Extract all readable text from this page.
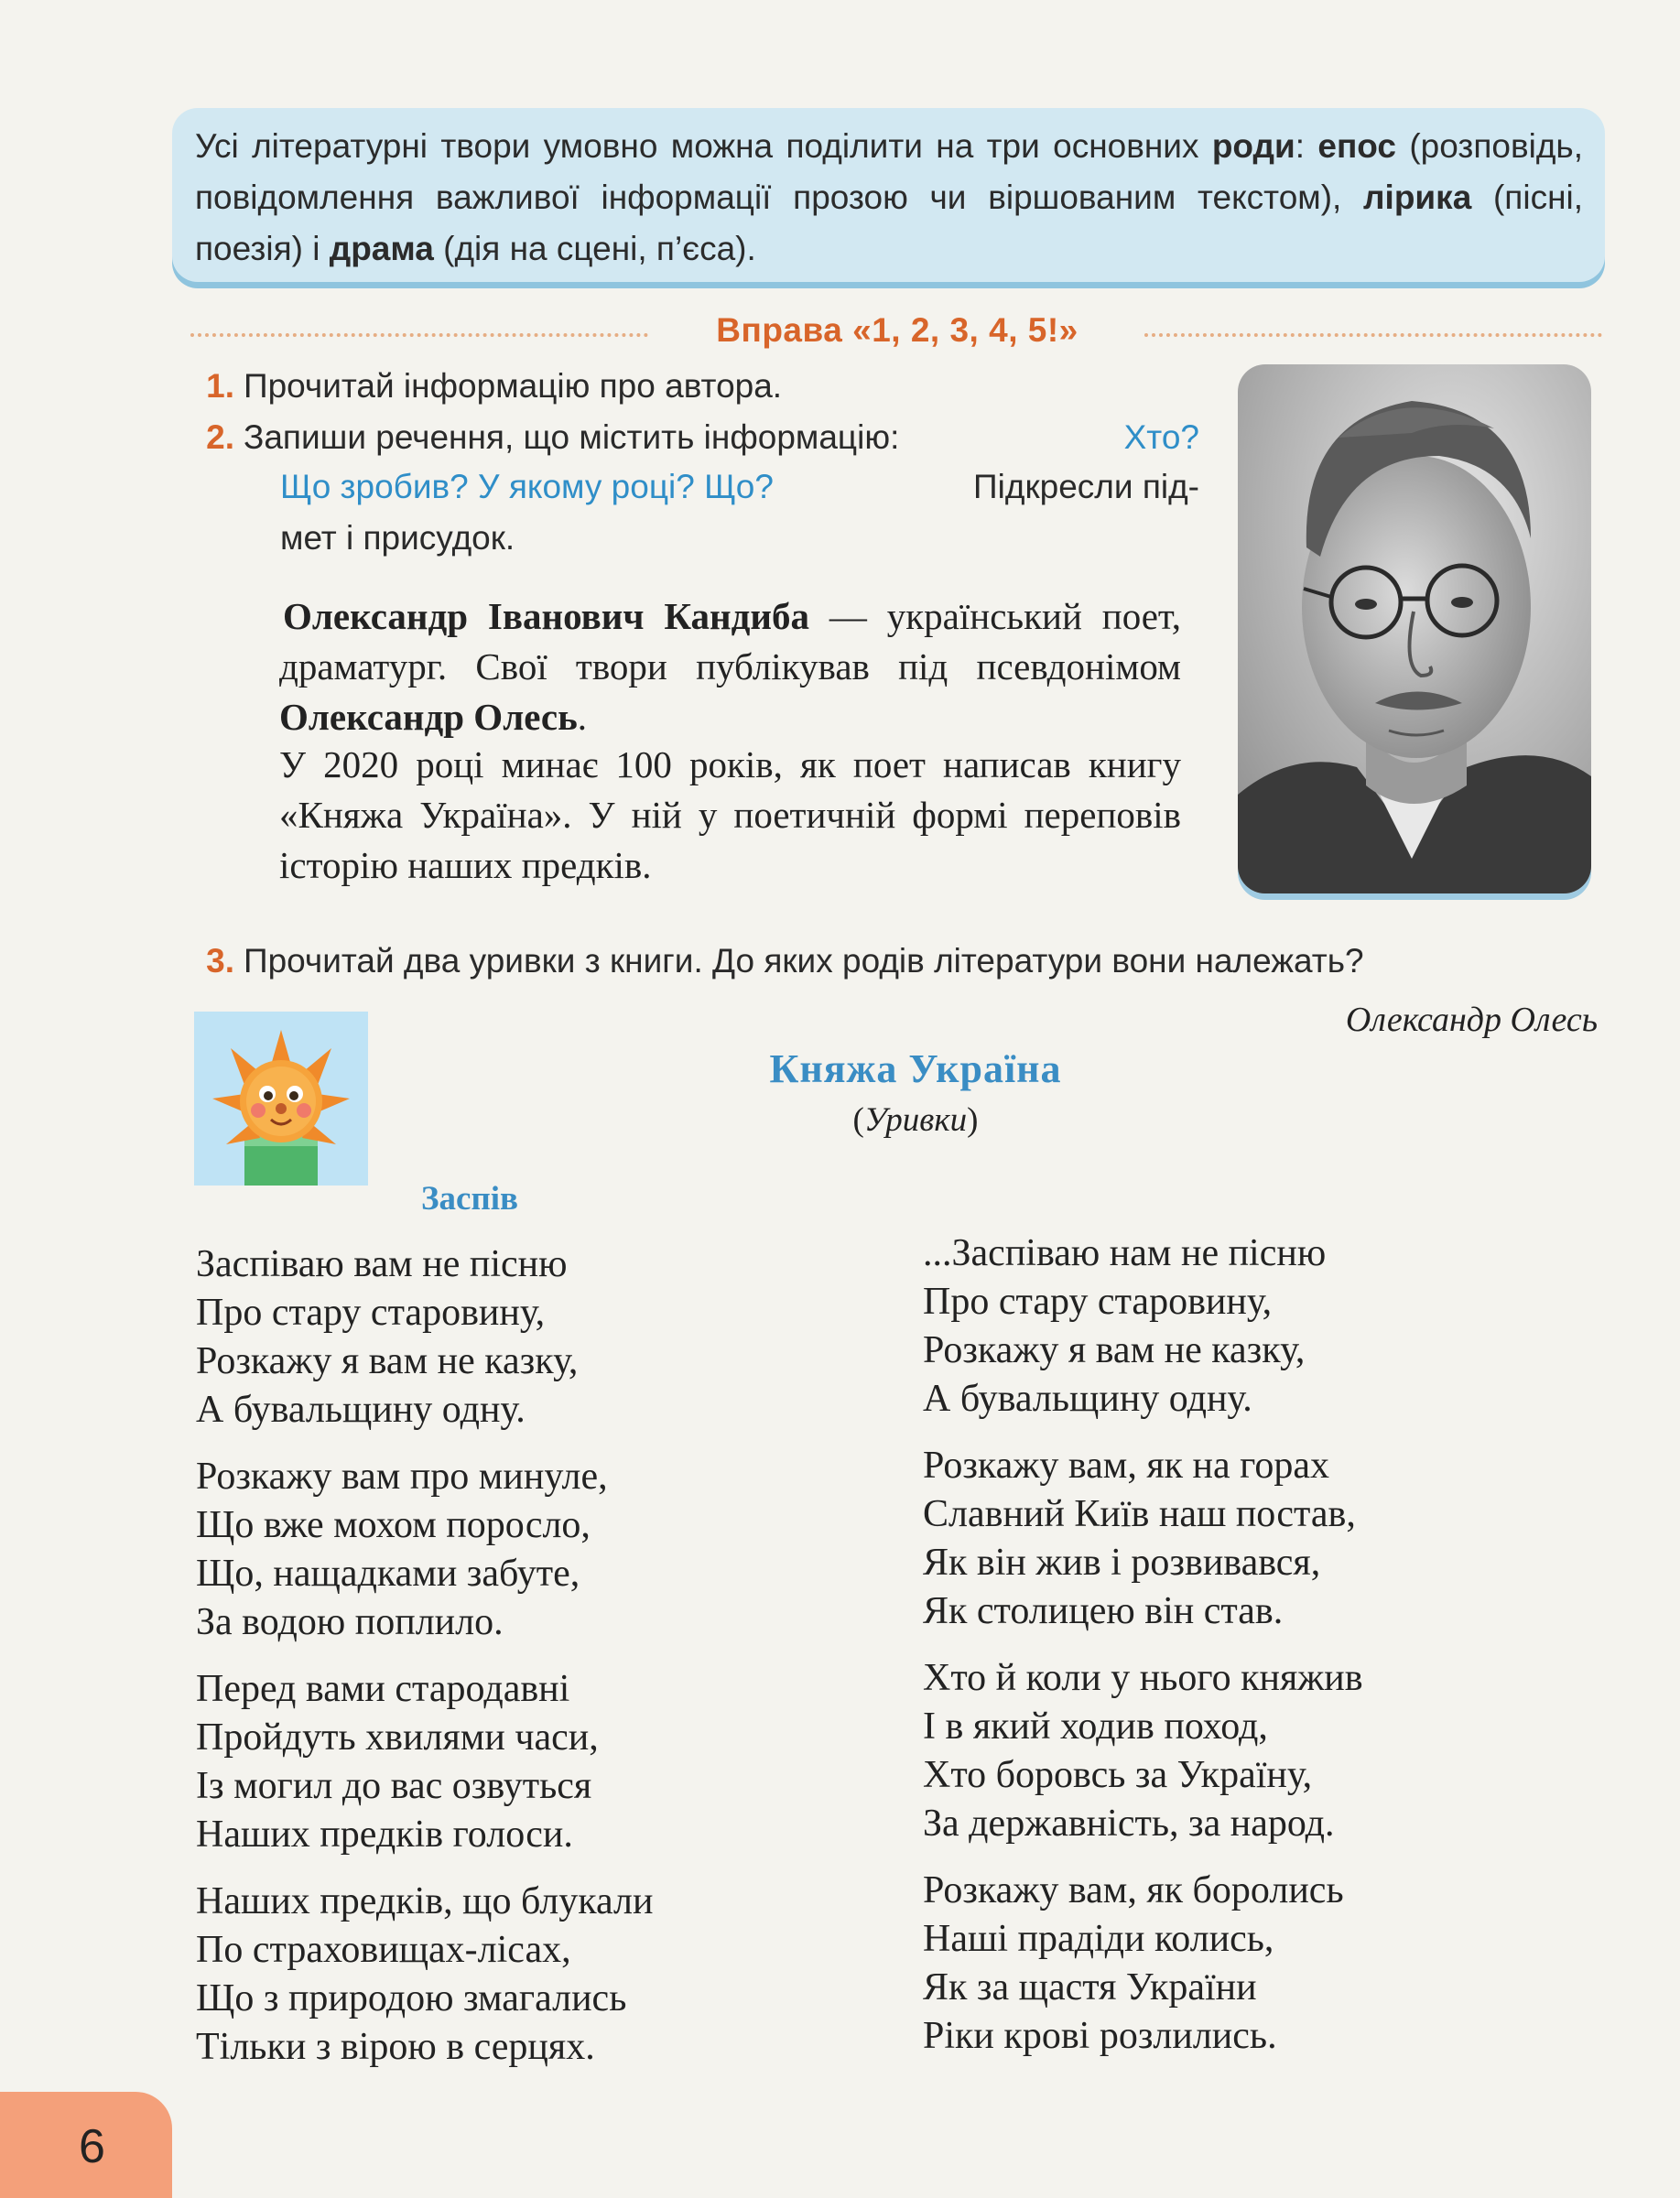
Усі літературні твори умовно можна поділити на три основних роди: епос (розповідь, повідомлення важливої інформації прозою чи віршованим текстом), лірика (пісні, поезія) і драма (дія на сцені, п’єса).
Вправа «1, 2, 3, 4, 5!»
1. Прочитай інформацію про автора.
2. Запиши речення, що містить інформацію:	Хто?
Що зробив? У якому році? Що?	Підкресли під-
мет і присудок.
Олександр Іванович Кандиба — український поет, драматург. Свої твори публікував під псевдонімом Олександр Олесь.
У 2020 році минає 100 років, як поет написав книгу «Княжа Україна». У ній у поетичній формі переповів історію наших предків.
3. Прочитай два уривки з книги. До яких родів літератури вони належать?
Олександр Олесь
Княжа Україна
(Уривки)
Заспів
Заспіваю вам не пісню
Про стару старовину,
Розкажу я вам не казку,
А бувальщину одну.
Розкажу вам про минуле,
Що вже мохом поросло,
Що, нащадками забуте,
За водою поплило.
Перед вами стародавні
Пройдуть хвилями часи,
Із могил до вас озвуться
Наших предків голоси.
Наших предків, що блукали
По страховищах-лісах,
Що з природою змагались
Тільки з вірою в серцях.
...Заспіваю нам не пісню
Про стару старовину,
Розкажу я вам не казку,
А бувальщину одну.
Розкажу вам, як на горах
Славний Київ наш постав,
Як він жив і розвивався,
Як столицею він став.
Хто й коли у нього княжив
І в який ходив поход,
Хто боровсь за Україну,
За державність, за народ.
Розкажу вам, як боролись
Наші прадіди колись,
Як за щастя України
Ріки крові розлились.
6
